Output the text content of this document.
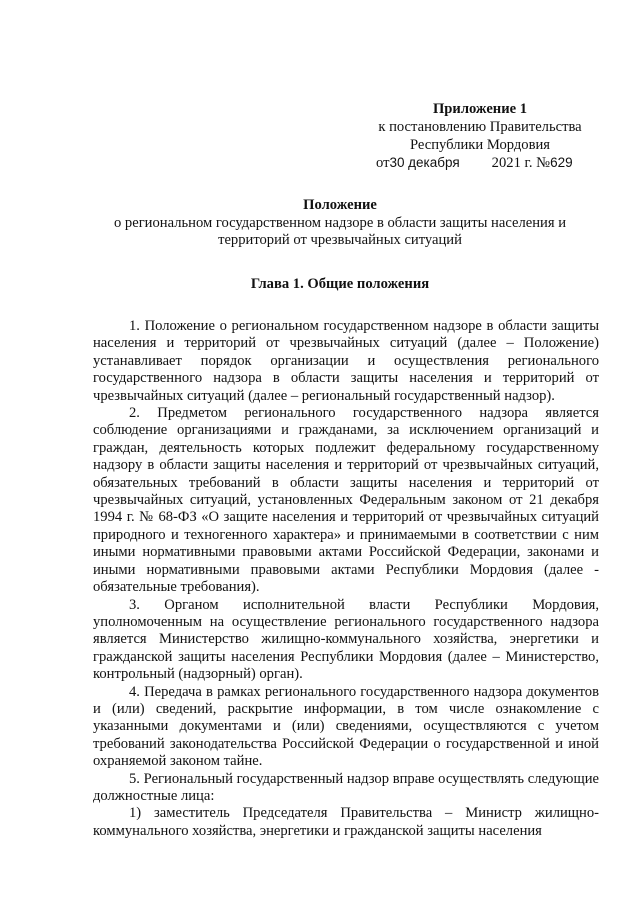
Приложение 1
к постановлению Правительства
Республики Мордовия
от30 декабря 2021 г. №629
Положение
о региональном государственном надзоре в области защиты населения и
территорий от чрезвычайных ситуаций
Глава 1. Общие положения

1. Положение о региональном государственном надзоре в области защиты населения и территорий от чрезвычайных ситуаций (далее – Положение) устанавливает порядок организации и осуществления регионального государственного надзора в области защиты населения и территорий от чрезвычайных ситуаций (далее – региональный государственный надзор).

2. Предметом регионального государственного надзора является соблюдение организациями и гражданами, за исключением организаций и граждан, деятельность которых подлежит федеральному государственному надзору в области защиты населения и территорий от чрезвычайных ситуаций, обязательных требований в области защиты населения и территорий от чрезвычайных ситуаций, установленных Федеральным законом от 21 декабря 1994 г. № 68-ФЗ «О защите населения и территорий от чрезвычайных ситуаций природного и техногенного характера» и принимаемыми в соответствии с ним иными нормативными правовыми актами Российской Федерации, законами и иными нормативными правовыми актами Республики Мордовия (далее - обязательные требования).

3. Органом исполнительной власти Республики Мордовия, уполномоченным на осуществление регионального государственного надзора является Министерство жилищно-коммунального хозяйства, энергетики и гражданской защиты населения Республики Мордовия (далее – Министерство, контрольный (надзорный) орган).

4. Передача в рамках регионального государственного надзора документов и (или) сведений, раскрытие информации, в том числе ознакомление с указанными документами и (или) сведениями, осуществляются с учетом требований законодательства Российской Федерации о государственной и иной охраняемой законом тайне.

5. Региональный государственный надзор вправе осуществлять следующие должностные лица:

1) заместитель Председателя Правительства – Министр жилищно-коммунального хозяйства, энергетики и гражданской защиты населения
